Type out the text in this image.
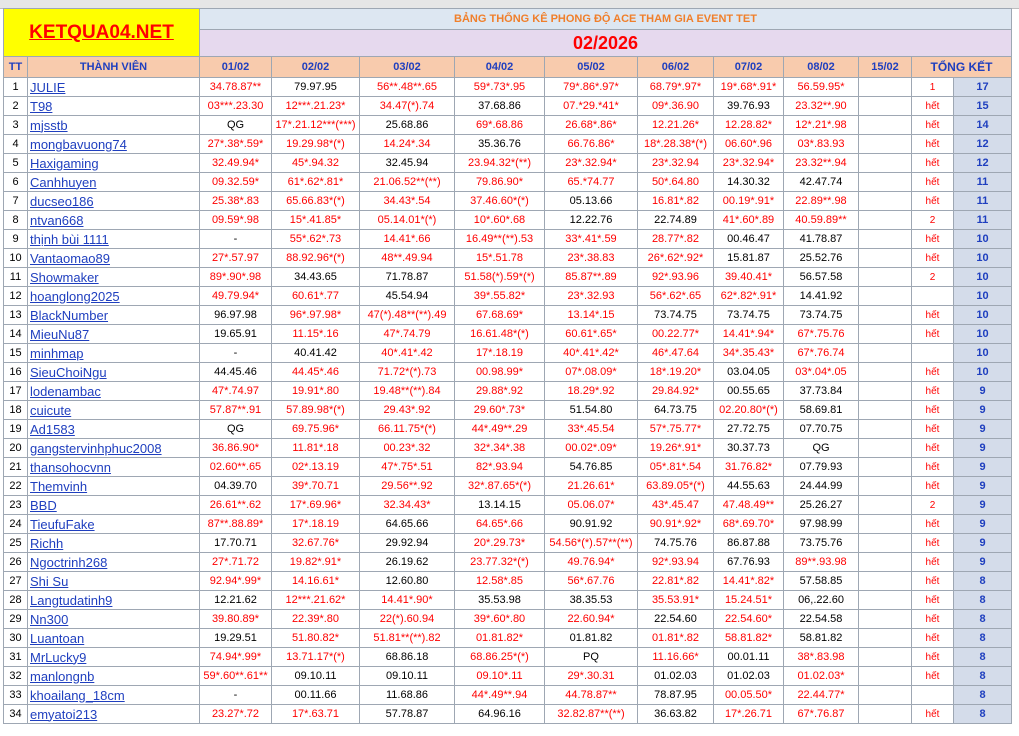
KETQUA04.NET		BẢNG THỐNG KÊ PHONG ĐỘ ACE THAM GIA EVENT TET										
		02/2026										
TT	THÀNH VIÊN	01/02	02/02	03/02	04/02	05/02	06/02	07/02	08/02	15/02	TỔNG KẾT	
1	JULIE	34.78.87**	79.97.95	56**.48**.65	59*.73*.95	79*.86*.97*	68.79*.97*	19*.68*.91*	56.59.95*		1	17
2	T98	03***.23.30	12***.21.23*	34.47(*).74	37.68.86	07.*29.*41*	09*.36.90	39.76.93	23.32**.90		hết	15
3	mjsstb	QG	17*.21.12***(***)	25.68.86	69*.68.86	26.68*.86*	12.21.26*	12.28.82*	12*.21*.98		hết	14
4	mongbavuong74	27*.38*.59*	19.29.98*(*)	14.24*.34	35.36.76	66.76.86*	18*.28.38*(*)	06.60*.96	03*.83.93		hết	12
5	Haxigaming	32.49.94*	45*.94.32	32.45.94	23.94.32*(**)	23*.32.94*	23*.32.94	23*.32.94*	23.32**.94		hết	12
6	Canhhuyen	09.32.59*	61*.62*.81*	21.06.52**(**)	79.86.90*	65.*74.77	50*.64.80	14.30.32	42.47.74		hết	11
7	ducseo186	25.38*.83	65.66.83*(*)	34.43*.54	37.46.60*(*)	05.13.66	16.81*.82	00.19*.91*	22.89**.98		hết	11
8	ntvan668	09.59*.98	15*.41.85*	05.14.01*(*)	10*.60*.68	12.22.76	22.74.89	41*.60*.89	40.59.89**		2	11
9	thịnh bùi 1111	-	55*.62*.73	14.41*.66	16.49**(**).53	33*.41*.59	28.77*.82	00.46.47	41.78.87		hết	10
10	Vantaomao89	27*.57.97	88.92.96*(*)	48**.49.94	15*.51.78	23*.38.83	26*.62*.92*	15.81.87	25.52.76		hết	10
11	Showmaker	89*.90*.98	34.43.65	71.78.87	51.58(*).59*(*)	85.87**.89	92*.93.96	39.40.41*	56.57.58		2	10
12	hoanglong2025	49.79.94*	60.61*.77	45.54.94	39*.55.82*	23*.32.93	56*.62*.65	62*.82*.91*	14.41.92			10
13	BlackNumber	96.97.98	96*.97.98*	47(*).48**(**).49	67.68.69*	13.14*.15	73.74.75	73.74.75	73.74.75		hết	10
14	MieuNu87	19.65.91	11.15*.16	47*.74.79	16.61.48*(*)	60.61*.65*	00.22.77*	14.41*.94*	67*.75.76		hết	10
15	minhmap	-	40.41.42	40*.41*.42	17*.18.19	40*.41*.42*	46*.47.64	34*.35.43*	67*.76.74			10
16	SieuChoiNgu	44.45.46	44.45*.46	71.72*(*).73	00.98.99*	07*.08.09*	18*.19.20*	03.04.05	03*.04*.05		hết	10
17	lodenambac	47*.74.97	19.91*.80	19.48**(**).84	29.88*.92	18.29*.92	29.84.92*	00.55.65	37.73.84		hết	9
18	cuicute	57.87**.91	57.89.98*(*)	29.43*.92	29.60*.73*	51.54.80	64.73.75	02.20.80*(*)	58.69.81		hết	9
19	Ad1583	QG	69.75.96*	66.11.75*(*)	44*.49**.29	33*.45.54	57*.75.77*	27.72.75	07.70.75		hết	9
20	gangstervinhphuc2008	36.86.90*	11.81*.18	00.23*.32	32*.34*.38	00.02*.09*	19.26*.91*	30.37.73	QG		hết	9
21	thansohocvnn	02.60**.65	02*.13.19	47*.75*.51	82*.93.94	54.76.85	05*.81*.54	31.76.82*	07.79.93		hết	9
22	Themvinh	04.39.70	39*.70.71	29.56**.92	32*.87.65*(*)	21.26.61*	63.89.05*(*)	44.55.63	24.44.99		hết	9
23	BBD	26.61**.62	17*.69.96*	32.34.43*	13.14.15	05.06.07*	43*.45.47	47.48.49**	25.26.27		2	9
24	TieufuFake	87**.88.89*	17*.18.19	64.65.66	64.65*.66	90.91.92	90.91*.92*	68*.69.70*	97.98.99		hết	9
25	Richh	17.70.71	32.67.76*	29.92.94	20*.29.73*	54.56*(*).57**(**)	74.75.76	86.87.88	73.75.76		hết	9
26	Ngoctrinh268	27*.71.72	19.82*.91*	26.19.62	23.77.32*(*)	49.76.94*	92*.93.94	67.76.93	89**.93.98		hết	9
27	Shi Su	92.94*.99*	14.16.61*	12.60.80	12.58*.85	56*.67.76	22.81*.82	14.41*.82*	57.58.85		hết	8
28	Langtudatinh9	12.21.62	12***.21.62*	14.41*.90*	35.53.98	38.35.53	35.53.91*	15.24.51*	06,.22.60		hết	8
29	Nn300	39.80.89*	22.39*.80	22(*).60.94	39*.60*.80	22.60.94*	22.54.60	22.54.60*	22.54.58		hết	8
30	Luantoan	19.29.51	51.80.82*	51.81**(**).82	01.81.82*	01.81.82	01.81*.82	58.81.82*	58.81.82		hết	8
31	MrLucky9	74.94*.99*	13.71.17*(*)	68.86.18	68.86.25*(*)	PQ	11.16.66*	00.01.11	38*.83.98		hết	8
32	manlongnb	59*.60**.61**	09.10.11	09.10.11	09.10*.11	29*.30.31	01.02.03	01.02.03	01.02.03*		hết	8
33	khoailang_18cm	-	00.11.66	11.68.86	44*.49**.94	44.78.87**	78.87.95	00.05.50*	22.44.77*			8
34	emyatoi213	23.27*.72	17*.63.71	57.78.87	64.96.16	32.82.87**(**)	36.63.82	17*.26.71	67*.76.87		hết	8
